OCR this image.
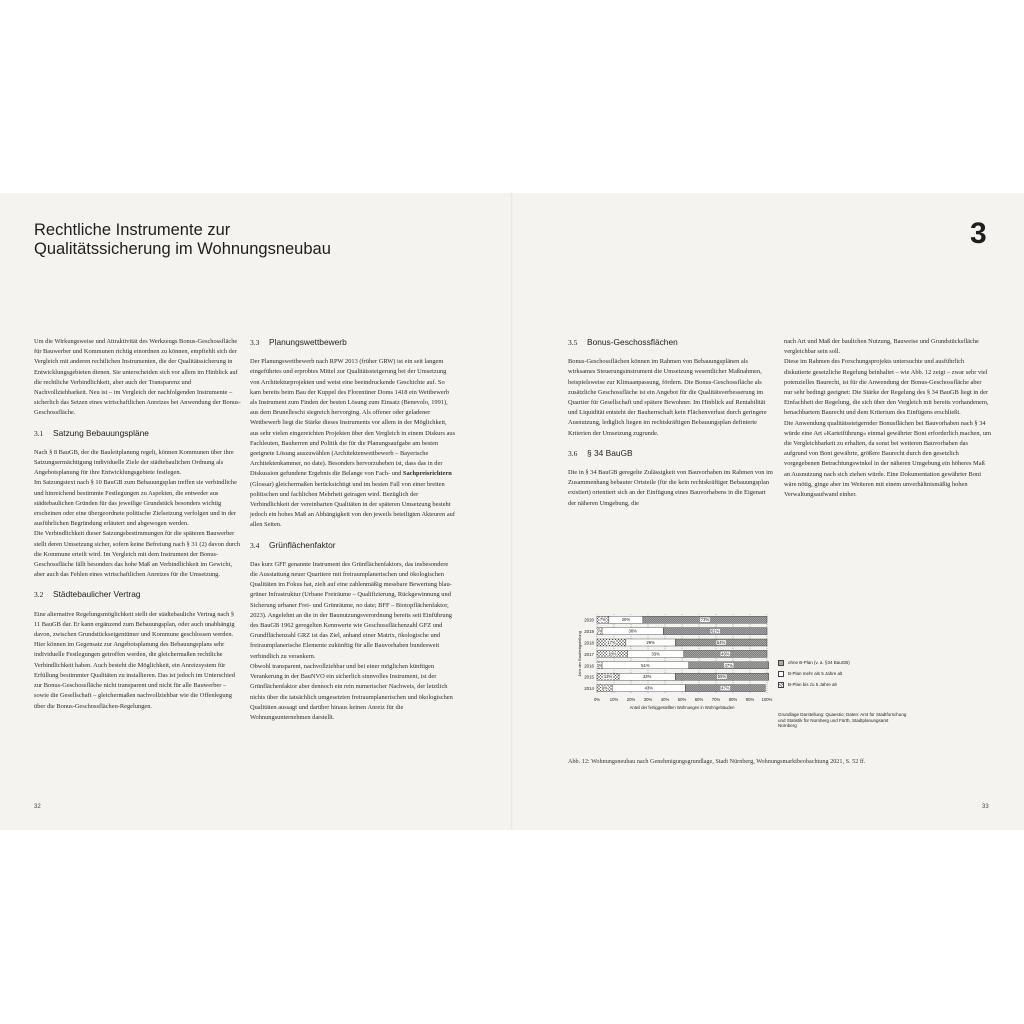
Rechtliche Instrumente zur
Qualitätssicherung im Wohnungsneubau	3

Um die Wirkungsweise und Attraktivität des Werkzeugs Bonus-Geschossfläche für Bauwerber und Kommunen richtig einordnen zu können, empfiehlt sich der Vergleich mit anderen rechtlichen Instrumenten, die der Qualitätssicherung in Entwicklungsgebieten dienen. Sie unterscheiden sich vor allem im Hinblick auf die rechtliche Verbindlichkeit, aber auch der Transparenz und Nachvollziehbarkeit. Neu ist – im Vergleich der nachfolgenden Instrumente – sicherlich das Setzen eines wirtschaftlichen Anreizes bei Anwendung der Bonus-Geschossfläche.

3.1 Satzung Bebauungspläne

Nach § 8 BauGB, der die Bauleitplanung regelt, können Kommunen über ihre Satzungsermächtigung individuelle Ziele der städtebaulichen Ordnung als Angebotsplanung für ihre Entwicklungsgebiete festlegen.

Im Satzungstext nach § 10 BauGB zum Bebauungsplan treffen sie verbindliche und hinreichend bestimmte Festlegungen zu Aspekten, die entweder aus städtebaulichen Gründen für das jeweilige Grundstück besonders wichtig erscheinen oder eine übergeordnete politische Zielsetzung verfolgen und in der ausführlichen Begründung erläutert und abgewogen werden.

Die Verbindlichkeit dieser Satzungsbestimmungen für die späteren Bauwerber stellt deren Umsetzung sicher, sofern keine Befreiung nach § 31 (2) davon durch die Kommune erteilt wird. Im Vergleich mit dem Instrument der Bonus-Geschossfläche fällt besonders das hohe Maß an Verbindlichkeit im Gewicht, aber auch das Fehlen eines wirtschaftlichen Anreizes für die Umsetzung.

3.2 Städtebaulicher Vertrag

Eine alternative Regelungsmöglichkeit stellt der städtebauliche Vertrag nach § 11 BauGB dar. Er kann ergänzend zum Bebauungsplan, oder auch unabhängig davon, zwischen Grundstückseigentümer und Kommune geschlossen werden. Hier können im Gegensatz zur Angebotsplanung des Bebauungsplans sehr individuelle Festlegungen getroffen werden, die gleichermaßen rechtliche Verbindlichkeit haben. Auch besteht die Möglichkeit, ein Anreizsystem für Erfüllung bestimmter Qualitäten zu installieren. Das ist jedoch im Unterschied zur Bonus-Geschossfläche nicht transparent und nicht für alle Bauwerber – sowie die Gesellschaft – gleichermaßen nachvollziehbar wie die Offenlegung über die Bonus-Geschossflächen-Regelungen.

3.3 Planungswettbewerb

Der Planungswettbewerb nach RPW 2013 (früher GRW) ist ein seit langem eingeführtes und erprobtes Mittel zur Qualitätssteigerung bei der Umsetzung von Architekturprojekten und weist eine beeindruckende Geschichte auf. So kam bereits beim Bau der Kuppel des Florentiner Doms 1418 ein Wettbewerb als Instrument zum Finden der besten Lösung zum Einsatz (Benevolo, 1991), aus dem Brunelleschi siegreich hervorging. Als offener oder geladener Wettbewerb liegt die Stärke dieses Instruments vor allem in der Möglichkeit, aus sehr vielen eingereichten Projekten über den Vergleich in einem Diskurs aus Fachleuten, Bauherren und Politik die für die Planungsaufgabe am besten geeignete Lösung auszuwählen (Architektenwettbewerb – Bayerische Architektenkammer, no date). Besonders hervorzuheben ist, dass das in der Diskussion gefundene Ergebnis die Belange von Fach- und Sachpreisrichtern (Glossar) gleichermaßen berücksichtigt und im besten Fall von einer breiten politischen und fachlichen Mehrheit getragen wird. Bezüglich der Verbindlichkeit der vereinbarten Qualitäten in der späteren Umsetzung besteht jedoch ein hohes Maß an Abhängigkeit von den jeweils beteiligten Akteuren auf allen Seiten.

3.4 Grünflächenfaktor

Das kurz GFF genannte Instrument des Grünflächenfaktors, das insbesondere die Ausstattung neuer Quartiere mit freiraumplanerischen und ökologischen Qualitäten im Fokus hat, zielt auf eine zahlenmäßig messbare Bewertung blau-grüner Infrastruktur (Urbane Freiräume – Qualifizierung, Rückgewinnung und Sicherung urbaner Frei- und Grünräume, no date; BFF – Biotopflächenfaktor, 2023). Angelehnt an die in der Baunutzungsverordnung bereits seit Einführung des BauGB 1962 geregelten Kennwerte wie Geschossflächenzahl GFZ und Grundflächenzahl GRZ ist das Ziel, anhand einer Matrix, ökologische und freiraumplanerische Elemente zukünftig für alle Bauvorhaben bundesweit verbindlich zu verankern.

Obwohl transparent, nachvollziehbar und bei einer möglichen künftigen Verankerung in der BauNVO ein sicherlich sinnvolles Instrument, ist der Grünflächenfaktor aber dennoch ein rein numerischer Nachweis, der letztlich nichts über die tatsächlich umgesetzten freiraumplanerischen und ökologischen Qualitäten aussagt und darüber hinaus keinen Anreiz für die Wohnungsunternehmen darstellt.

3.5 Bonus-Geschossflächen

Bonus-Geschossflächen können im Rahmen von Bebauungsplänen als wirksames Steuerungsinstrument die Umsetzung wesentlicher Maßnahmen, beispielsweise zur Klimaanpassung, fördern. Die Bonus-Geschossfläche als zusätzliche Geschossfläche ist ein Angebot für die Qualitätsverbesserung im Quartier für Gesellschaft und spätere Bewohner. Im Hinblick auf Rentabilität und Liquidität entsteht der Bauherrschaft kein Flächenverlust durch geringere Ausnutzung, lediglich liegen im rechtskräftigen Bebauungsplan definierte Kriterien der Umsetzung zugrunde.

3.6 § 34 BauGB

Die in § 34 BauGB geregelte Zulässigkeit von Bauvorhaben im Rahmen von im Zusammenhang bebauter Ortsteile (für die kein rechtskräftiger Bebauungsplan existiert) orientiert sich an der Einfügung eines Bauvorhabens in die Eigenart der näheren Umgebung, die

nach Art und Maß der baulichen Nutzung, Bauweise und Grundstücksfläche vergleichbar sein soll.

Diese im Rahmen des Forschungsprojekts untersuchte und ausführlich diskutierte gesetzliche Regelung beinhaltet – wie Abb. 12 zeigt – zwar sehr viel potenzielles Baurecht, ist für die Anwendung der Bonus-Geschossfläche aber nur sehr bedingt geeignet: Die Stärke der Regelung des § 34 BauGB liegt in der Einfachheit der Regelung, die sich über den Vergleich mit bereits vorhandenem, benachbartem Baurecht und dem Kriterium des Einfügens erschließt.

Die Anwendung qualitätssteigernder Bonusflächen bei Bauvorhaben nach § 34 würde eine Art »Karteiführung« einmal gewährter Boni erforderlich machen, um die Vergleichbarkeit zu erhalten, da sonst bei weiteren Bauvorhaben das aufgrund von Boni gewährte, größere Baurecht durch den gesetzlich vorgegebenen Betrachtungswinkel in der näheren Umgebung ein höheres Maß an Ausnutzung nach sich ziehen würde. Eine Dokumentation gewährter Boni wäre nötig, ginge aber im Weiteren mit einem unverhältnismäßig hohen Verwaltungsaufwand einher.

Jahr der Baufertigstellung
0% 10% 20% 30% 40% 50% 60% 70% 80% 90% 100%
2020 7%	20%	73%
2019 3%	36%	61%
2018	17%	29%	54%
2017	18%	33%	49%
2016 3%	51%	47%
2015 13%	33%	55%
2014 9%	43%	47%
Anteil der fertiggestellten Wohnungen in Wohngebäuden
ohne B-Plan (v. a. §34 BauGB)
B-Plan mehr als 5 Jahre alt
B-Plan bis zu 5 Jahre alt
Grundlage Darstellung: Quaestio; Daten: Amt für Stadtforschung und Statistik für Nürnberg und Fürth, Stadtplanungsamt Nürnberg
Abb. 12: Wohnungsneubau nach Genehmigungsgrundlage, Stadt Nürnberg, Wohnungsmarktbeobachtung 2021, S. 52 ff.
32	33
